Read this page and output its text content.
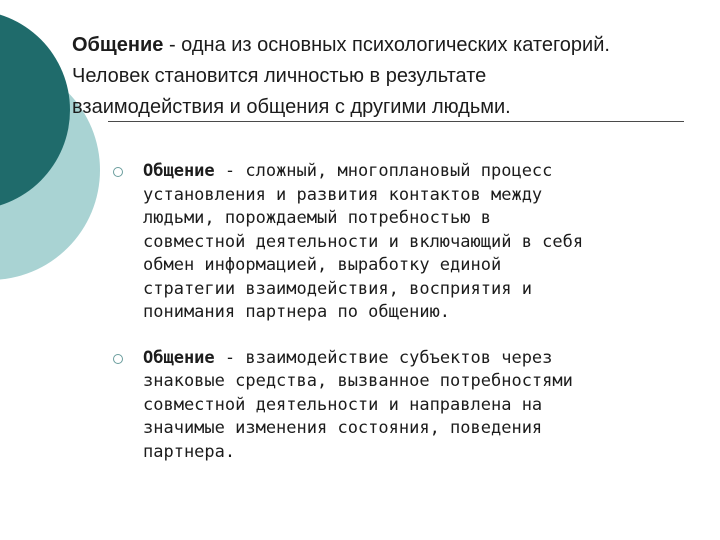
Общение - одна из основных психологических категорий.
Человек становится личностью в результате
взаимодействия и общения с другими людьми.
Общение - сложный, многоплановый процесс
установления и развития контактов между
людьми, порождаемый потребностью в
совместной деятельности и включающий в себя
обмен информацией, выработку единой
стратегии взаимодействия, восприятия и
понимания партнера по общению.
Общение - взаимодействие субъектов через
знаковые средства, вызванное потребностями
совместной деятельности и направлена на
значимые изменения состояния, поведения
партнера.
